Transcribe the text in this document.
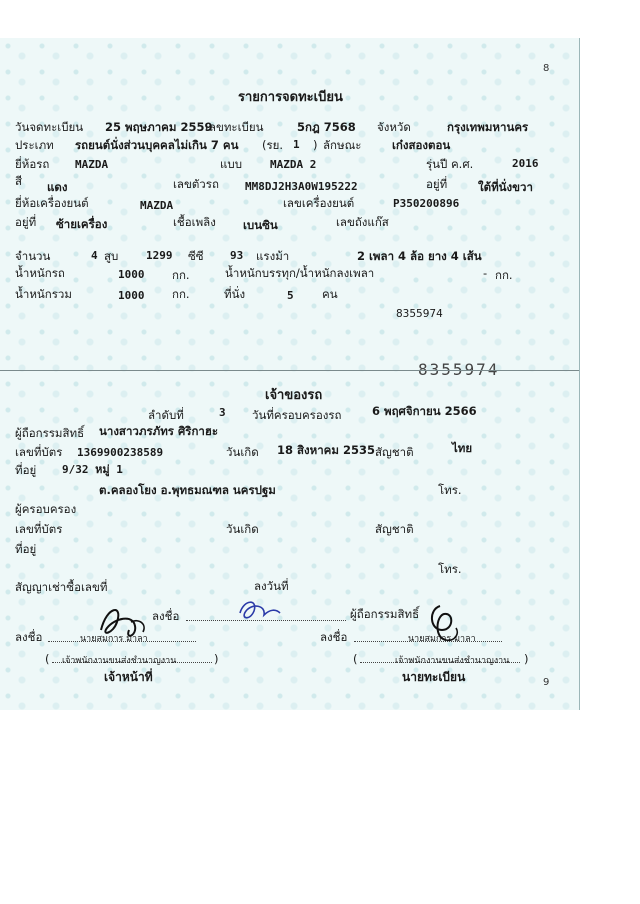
8
รายการจดทะเบียน
วันจดทะเบียน 25 พฤษภาคม 2559
เลขทะเบียน	5กฎ 7568 จังหวัด	กรุงเทพมหานคร
ประเภท รถยนต์นั่งส่วนบุคคลไม่เกิน 7 คน (รย. 1 ) ลักษณะ	เก๋งสองตอน
ยี่ห้อรถ MAZDA	แบบ	MAZDA 2	รุ่นปี ค.ศ.	2016
สี แดง	เลขตัวรถ MM8DJ2H3A0W195222	อยู่ที่	ใต้ที่นั่งขวา
ยี่ห้อเครื่องยนต์	MAZDA	เลขเครื่องยนต์	P350200896
อยู่ที่ ซ้ายเครื่อง	เชื้อเพลิง เบนซิน	เลขถังแก๊ส
จำนวน	4 สูบ	1299 ซีซี 93 แรงม้า	2 เพลา 4 ล้อ ยาง 4 เส้น
น้ำหนักรถ	1000 กก.	น้ำหนักบรรทุก/น้ำหนักลงเพลา	- กก.
น้ำหนักรวม	1000 กก.	ที่นั่ง	5 คน
8355974
8355974
เจ้าของรถ
ลำดับที่	3 วันที่ครอบครองรถ	6 พฤศจิกายน 2566
ผู้ถือกรรมสิทธิ์ นางสาวภรภัทร ศิริกาฮะ
เลขที่บัตร 1369900238589	วันเกิด 18 สิงหาคม 2535 สัญชาติ	ไทย
ที่อยู่ 9/32 หมู่ 1
ต.คลองโยง อ.พุทธมณฑล นครปฐม	โทร.
ผู้ครอบครอง
เลขที่บัตร	วันเกิด	สัญชาติ
ที่อยู่
โทร.
สัญญาเช่าซื้อเลขที่	ลงวันที่
ลงชื่อ	ผู้ถือกรรมสิทธิ์
ลงชื่อ	นายสมการ มาลา	ลงชื่อ	นายสมการ มาลา
( เจ้าพนักงานขนส่งชำนาญงาน	)	(	เจ้าพนักงานขนส่งชำนาญงาน )
เจ้าหน้าที่	นายทะเบียน	9
